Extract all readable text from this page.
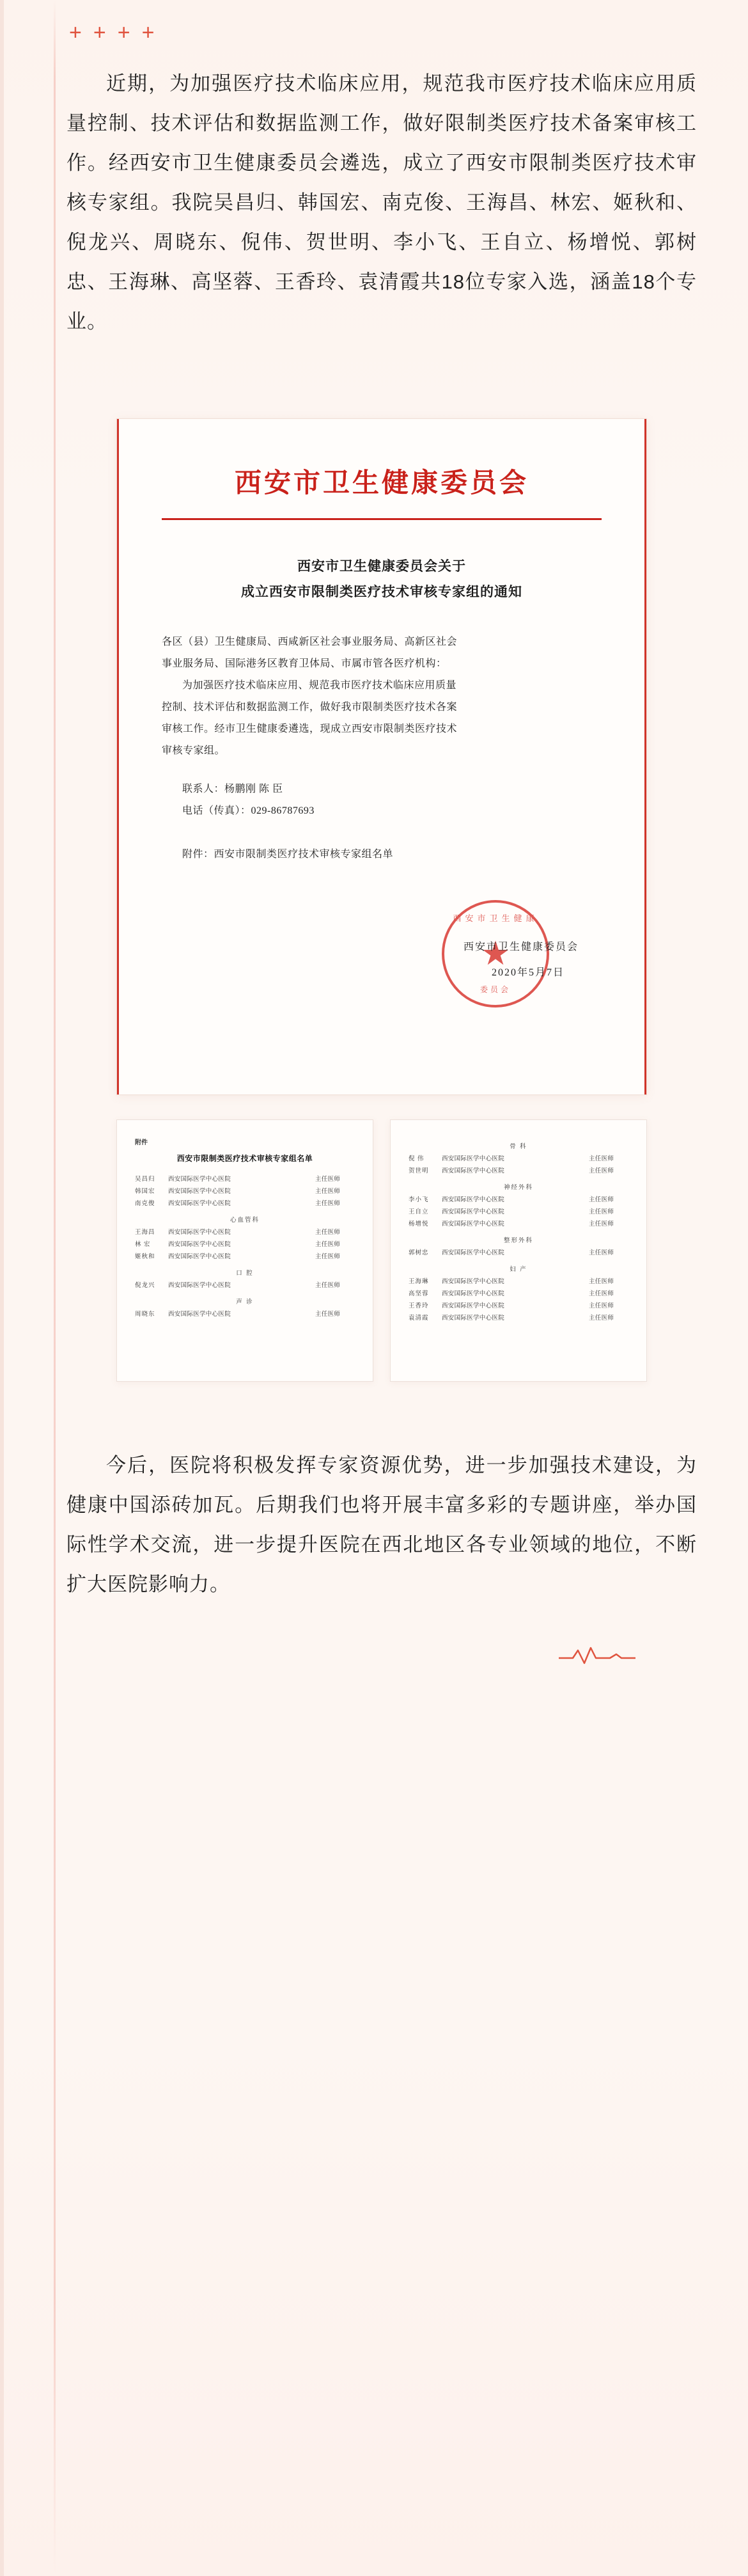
+ + + +

近期，为加强医疗技术临床应用，规范我市医疗技术临床应用质量控制、技术评估和数据监测工作，做好限制类医疗技术备案审核工作。经西安市卫生健康委员会遴选，成立了西安市限制类医疗技术审核专家组。我院吴昌归、韩国宏、南克俊、王海昌、林宏、姬秋和、倪龙兴、周晓东、倪伟、贺世明、李小飞、王自立、杨增悦、郭树忠、王海琳、高坚蓉、王香玲、袁清霞共18位专家入选，涵盖18个专业。

西安市卫生健康委员会
西安市卫生健康委员会关于
成立西安市限制类医疗技术审核专家组的通知

各区（县）卫生健康局、西咸新区社会事业服务局、高新区社会

事业服务局、国际港务区教育卫体局、市属市管各医疗机构：

为加强医疗技术临床应用、规范我市医疗技术临床应用质量

控制、技术评估和数据监测工作，做好我市限制类医疗技术各案

审核工作。经市卫生健康委遴选，现成立西安市限制类医疗技术

审核专家组。

联系人：杨鹏刚 陈 臣

电话（传真）：029-86787693

附件：西安市限制类医疗技术审核专家组名单

西安市卫生健康
★
委员会
西安市卫生健康委员会
2020年5月7日
附件
西安市限制类医疗技术审核专家组名单
吴昌归	西安国际医学中心医院	主任医师
韩国宏	西安国际医学中心医院	主任医师
南克俊	西安国际医学中心医院	主任医师
心血管科
王海昌	西安国际医学中心医院	主任医师
林 宏	西安国际医学中心医院	主任医师
姬秋和	西安国际医学中心医院	主任医师
口 腔
倪龙兴	西安国际医学中心医院	主任医师
声 诊
周晓东	西安国际医学中心医院	主任医师
骨 科
倪 伟	西安国际医学中心医院	主任医师
贺世明	西安国际医学中心医院	主任医师
神经外科
李小飞	西安国际医学中心医院	主任医师
王自立	西安国际医学中心医院	主任医师
杨增悦	西安国际医学中心医院	主任医师
整形外科
郭树忠	西安国际医学中心医院	主任医师
妇 产
王海琳	西安国际医学中心医院	主任医师
高坚蓉	西安国际医学中心医院	主任医师
王香玲	西安国际医学中心医院	主任医师
袁清霞	西安国际医学中心医院	主任医师

今后，医院将积极发挥专家资源优势，进一步加强技术建设，为健康中国添砖加瓦。后期我们也将开展丰富多彩的专题讲座，举办国际性学术交流，进一步提升医院在西北地区各专业领域的地位，不断扩大医院影响力。
